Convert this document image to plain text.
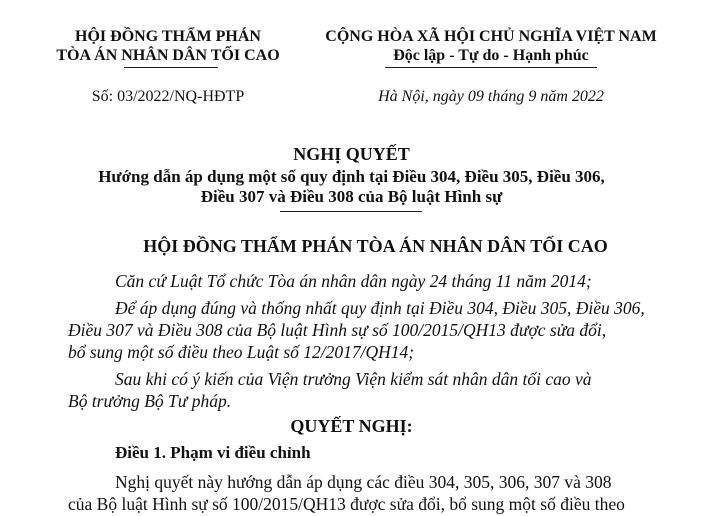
HỘI ĐỒNG THẨM PHÁN
TÒA ÁN NHÂN DÂN TỐI CAO
Số: 03/2022/NQ-HĐTP
CỘNG HÒA XÃ HỘI CHỦ NGHĨA VIỆT NAM
Độc lập - Tự do - Hạnh phúc
Hà Nội, ngày 09 tháng 9 năm 2022
NGHỊ QUYẾT
Hướng dẫn áp dụng một số quy định tại Điều 304, Điều 305, Điều 306,
Điều 307 và Điều 308 của Bộ luật Hình sự
HỘI ĐỒNG THẨM PHÁN TÒA ÁN NHÂN DÂN TỐI CAO
Căn cứ Luật Tổ chức Tòa án nhân dân ngày 24 tháng 11 năm 2014;
Để áp dụng đúng và thống nhất quy định tại Điều 304, Điều 305, Điều 306,
Điều 307 và Điều 308 của Bộ luật Hình sự số 100/2015/QH13 được sửa đổi,
bổ sung một số điều theo Luật số 12/2017/QH14;
Sau khi có ý kiến của Viện trưởng Viện kiểm sát nhân dân tối cao và
Bộ trưởng Bộ Tư pháp.
QUYẾT NGHỊ:
Điều 1. Phạm vi điều chỉnh
Nghị quyết này hướng dẫn áp dụng các điều 304, 305, 306, 307 và 308
của Bộ luật Hình sự số 100/2015/QH13 được sửa đổi, bổ sung một số điều theo
